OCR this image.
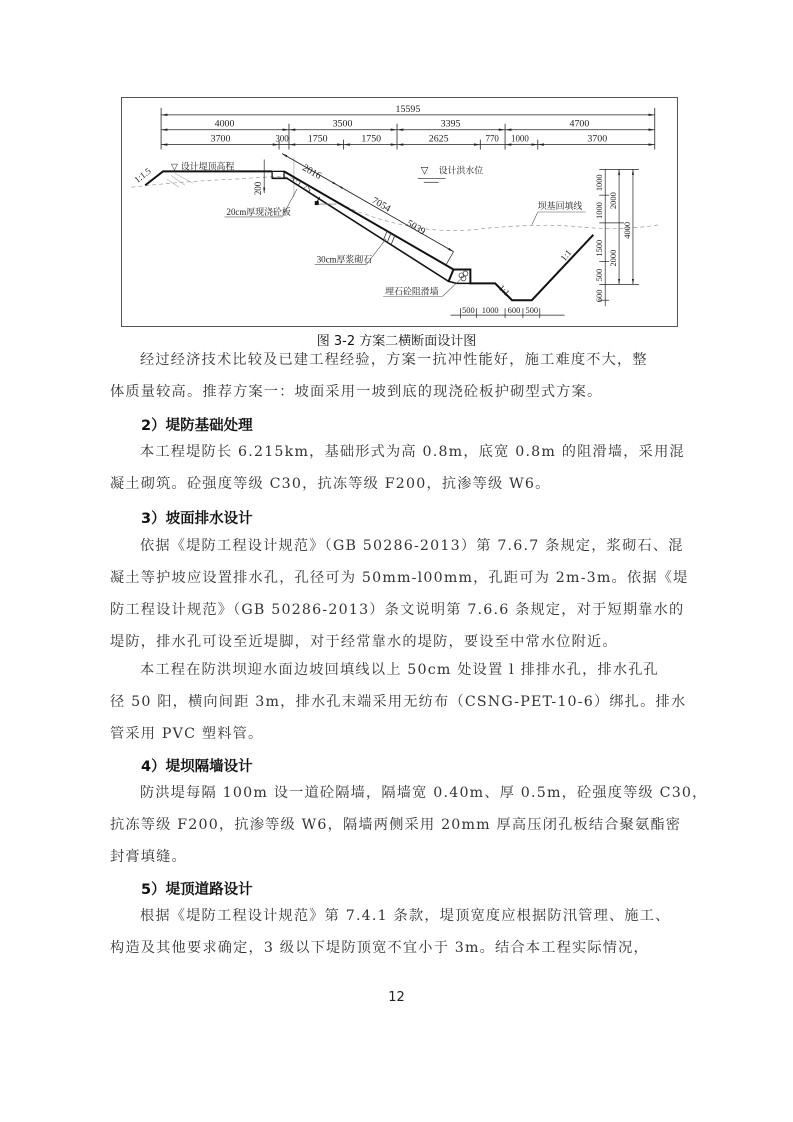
15595
4000	3500	3395	4700
3700	300 1750	1750	2625	770 1000	3700
2016
7054
5039
200
1:1.5 ▽ 设计堤顶高程
1:1.75
20cm厚现浇砼板
30cm厚浆砌石
▽ 设计洪水位
坝基回填线
1:1
1:1
埋石砼阻滑墙
500 1000 600 500
1000
1000
1500
500
600
2000
2000
4000
图 3-2 方案二横断面设计图
经过经济技术比较及已建工程经验，方案一抗冲性能好，施工难度不大，整
体质量较高。推荐方案一：坡面采用一坡到底的现浇砼板护砌型式方案。
2）堤防基础处理
本工程堤防长 6.215km，基础形式为高 0.8m，底宽 0.8m 的阻滑墙，采用混
凝土砌筑。砼强度等级 C30，抗冻等级 F200，抗渗等级 W6。
3）坡面排水设计
依据《堤防工程设计规范》（GB 50286-2013）第 7.6.7 条规定，浆砌石、混
凝土等护坡应设置排水孔，孔径可为 50mm-l00mm，孔距可为 2m-3m。依据《堤
防工程设计规范》（GB 50286-2013）条文说明第 7.6.6 条规定，对于短期靠水的
堤防，排水孔可设至近堤脚，对于经常靠水的堤防，要设至中常水位附近。
本工程在防洪坝迎水面边坡回填线以上 50cm 处设置 l 排排水孔，排水孔孔
径 50 阳，横向间距 3m，排水孔末端采用无纺布（CSNG-PET-10-6）绑扎。排水
管采用 PVC 塑料管。
4）堤坝隔墙设计
防洪堤每隔 100m 设一道砼隔墙，隔墙宽 0.40m、厚 0.5m，砼强度等级 C30，
抗冻等级 F200，抗渗等级 W6，隔墙两侧采用 20mm 厚高压闭孔板结合聚氨酯密
封膏填缝。
5）堤顶道路设计
根据《堤防工程设计规范》第 7.4.1 条款，堤顶宽度应根据防汛管理、施工、
构造及其他要求确定，3 级以下堤防顶宽不宜小于 3m。结合本工程实际情况，
12
